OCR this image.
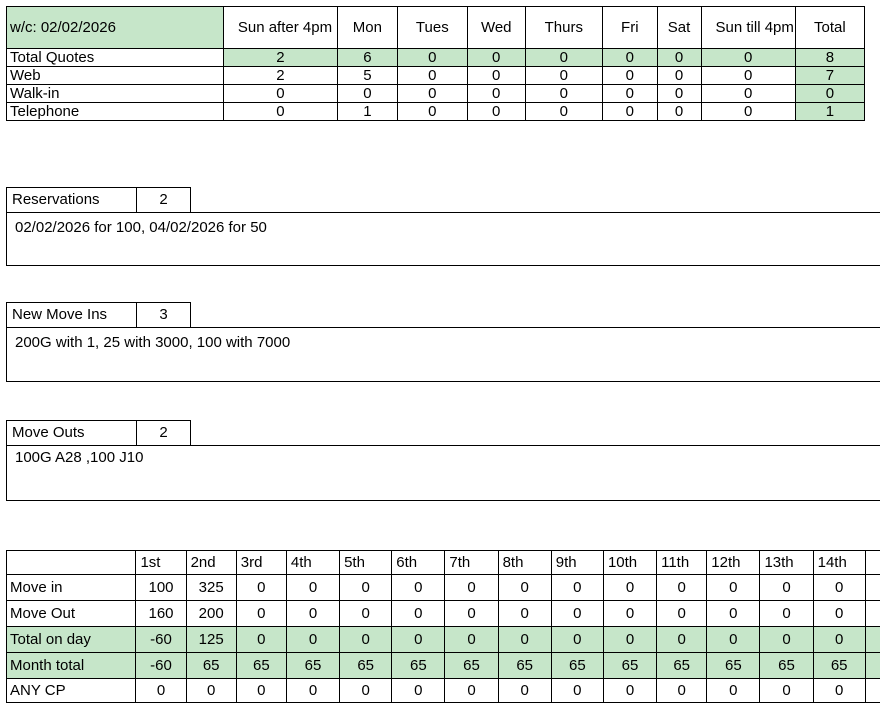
w/c: 02/02/2026	Sun after 4pm	Mon	Tues	Wed	Thurs	Fri	Sat	Sun till 4pm	Total
Total Quotes	2	6	0	0	0	0	0	0	8
Web	2	5	0	0	0	0	0	0	7
Walk-in	0	0	0	0	0	0	0	0	0
Telephone	0	1	0	0	0	0	0	0	1
Reservations	2
02/02/2026 for 100, 04/02/2026 for 50
New Move Ins	3
200G with 1, 25 with 3000, 100 with 7000
Move Outs	2
100G A28 ,100 J10
	1st	2nd	3rd	4th	5th	6th	7th	8th	9th	10th	11th	12th	13th	14th	
Move in	100	325	0	0	0	0	0	0	0	0	0	0	0	0	
Move Out	160	200	0	0	0	0	0	0	0	0	0	0	0	0	
Total on day	-60	125	0	0	0	0	0	0	0	0	0	0	0	0	
Month total	-60	65	65	65	65	65	65	65	65	65	65	65	65	65	
ANY CP	0	0	0	0	0	0	0	0	0	0	0	0	0	0	
